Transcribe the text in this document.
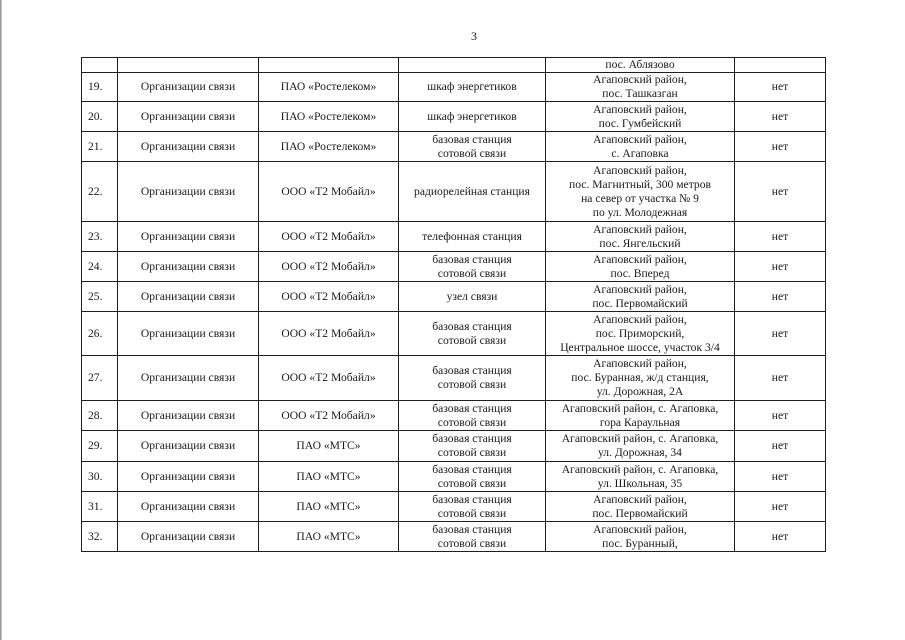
3

				пос. Аблязово	

19.	Организации связи	ПАО «Ростелеком»	шкаф энергетиков	Агаповский район,
пос. Ташказган	нет
20.	Организации связи	ПАО «Ростелеком»	шкаф энергетиков	Агаповский район,
пос. Гумбейский	нет
21.	Организации связи	ПАО «Ростелеком»	базовая станция
сотовой связи	Агаповский район,
с. Агаповка	нет
22.	Организации связи	ООО «Т2 Мобайл»	радиорелейная станция	Агаповский район,
пос. Магнитный, 300 метров
на север от участка № 9
по ул. Молодежная	нет
23.	Организации связи	ООО «Т2 Мобайл»	телефонная станция	Агаповский район,
пос. Янгельский	нет
24.	Организации связи	ООО «Т2 Мобайл»	базовая станция
сотовой связи	Агаповский район,
пос. Вперед	нет
25.	Организации связи	ООО «Т2 Мобайл»	узел связи	Агаповский район,
пос. Первомайский	нет
26.	Организации связи	ООО «Т2 Мобайл»	базовая станция
сотовой связи	Агаповский район,
пос. Приморский,
Центральное шоссе, участок 3/4	нет
27.	Организации связи	ООО «Т2 Мобайл»	базовая станция
сотовой связи	Агаповский район,
пос. Буранная, ж/д станция,
ул. Дорожная, 2А	нет
28.	Организации связи	ООО «Т2 Мобайл»	базовая станция
сотовой связи	Агаповский район, с. Агаповка,
гора Караульная	нет
29.	Организации связи	ПАО «МТС»	базовая станция
сотовой связи	Агаповский район, с. Агаповка,
ул. Дорожная, 34	нет
30.	Организации связи	ПАО «МТС»	базовая станция
сотовой связи	Агаповский район, с. Агаповка,
ул. Школьная, 35	нет
31.	Организации связи	ПАО «МТС»	базовая станция
сотовой связи	Агаповский район,
пос. Первомайский	нет
32.	Организации связи	ПАО «МТС»	базовая станция
сотовой связи	Агаповский район,
пос. Буранный,	нет
